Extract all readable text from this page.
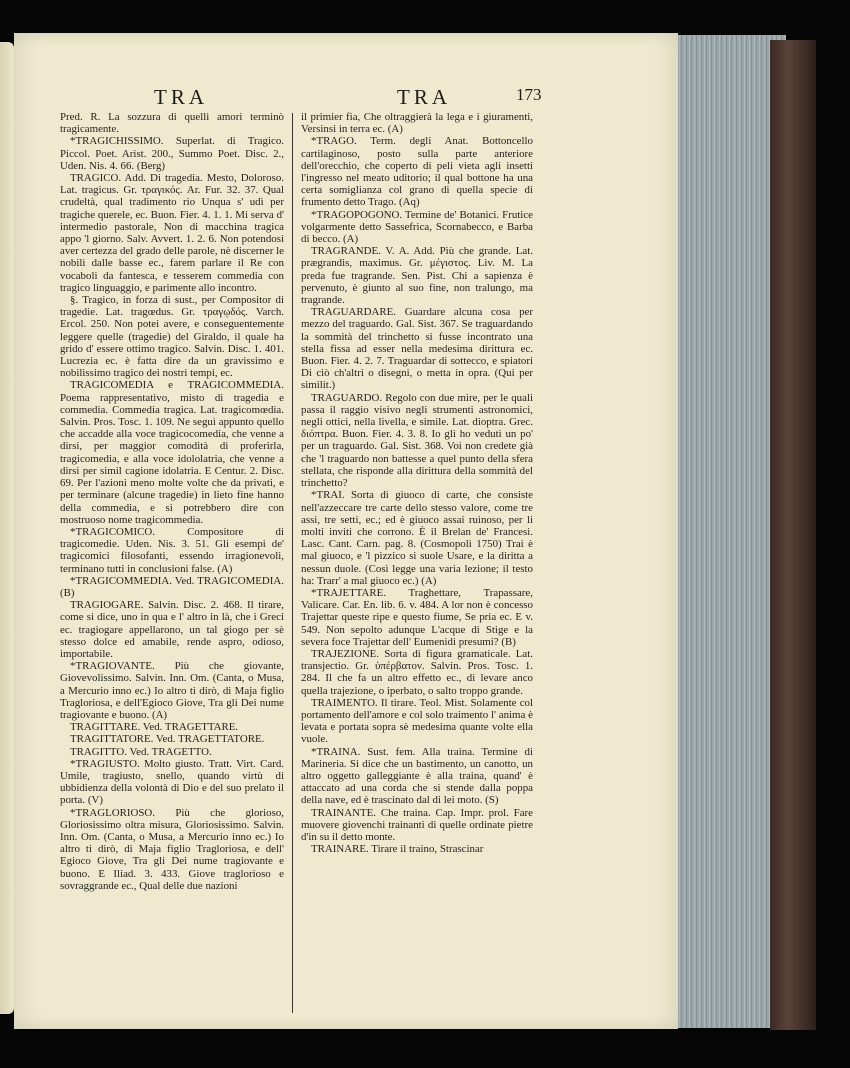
TRA	TRA	173

Pred. R. La sozzura di quelli amori terminò tragicamente.

*TRAGICHISSIMO. Superlat. di Tragico. Piccol. Poet. Arist. 200., Summo Poet. Disc. 2., Uden. Nis. 4. 66. (Berg)

TRAGICO. Add. Di tragedia. Mesto, Doloroso. Lat. tragicus. Gr. τραγικός. Ar. Fur. 32. 37. Qual crudeltà, qual tradimento rio Unqua s' udì per tragiche querele, ec. Buon. Fier. 4. 1. 1. Mi serva d' intermedio pastorale, Non di macchina tragica appo 'l giorno. Salv. Avvert. 1. 2. 6. Non potendosi aver certezza del grado delle parole, nè discerner le nobili dalle basse ec., farem parlare il Re con vocaboli da fantesca, e tesserem commedia con tragico linguaggio, e parimente allo incontro.

§. Tragico, in forza di sust., per Compositor di tragedie. Lat. tragœdus. Gr. τραγῳδός. Varch. Ercol. 250. Non potei avere, e conseguentemente leggere quelle (tragedie) del Giraldo, il quale ha grido d' essere ottimo tragico. Salvin. Disc. 1. 401. Lucrezia ec. è fatta dire da un gravissimo e nobilissimo tragico dei nostri tempi, ec.

TRAGICOMEDIA e TRAGICOMMEDIA. Poema rappresentativo, misto di tragedia e commedia. Commedia tragica. Lat. tragicomœdia. Salvin. Pros. Tosc. 1. 109. Ne seguì appunto quello che accadde alla voce tragicocomedia, che venne a dirsi, per maggior comodità di proferirla, tragicomedia, e alla voce idololatria, che venne a dirsi per simil cagione idolatria. E Centur. 2. Disc. 69. Per l'azioni meno molte volte che da privati, e per terminare (alcune tragedie) in lieto fine hanno della commedia, e si potrebbero dire con mostruoso nome tragicommedia.

*TRAGICOMICO. Compositore di tragicomedie. Uden. Nis. 3. 51. Gli esempi de' tragicomici filosofanti, essendo irragionevoli, terminano tutti in conclusioni false. (A)

*TRAGICOMMEDIA. Ved. TRAGICOMEDIA. (B)

TRAGIOGARE. Salvin. Disc. 2. 468. Il tirare, come si dice, uno in qua e l' altro in là, che i Greci ec. tragiogare appellarono, un tal giogo per sè stesso dolce ed amabile, rende aspro, odioso, importabile.

*TRAGIOVANTE. Più che giovante, Giovevolissimo. Salvin. Inn. Om. (Canta, o Musa, a Mercurio inno ec.) Io altro ti dirò, di Maja figlio Tragloriosa, e dell'Egioco Giove, Tra gli Dei nume tragiovante e buono. (A)

TRAGITTARE. Ved. TRAGETTARE.

TRAGITTATORE. Ved. TRAGETTATORE.

TRAGITTO. Ved. TRAGETTO.

*TRAGIUSTO. Molto giusto. Tratt. Virt. Card. Umile, tragiusto, snello, quando virtù di ubbidienza della volontà di Dio e del suo prelato il porta. (V)

*TRAGLORIOSO. Più che glorioso, Gloriosissimo oltra misura, Gloriosissimo. Salvin. Inn. Om. (Canta, o Musa, a Mercurio inno ec.) Io altro ti dirò, di Maja figlio Tragloriosa, e dell' Egioco Giove, Tra gli Dei nume tragiovante e buono. E Iliad. 3. 433. Giove traglorioso e sovraggrande ec., Qual delle due nazioni

il primier fia, Che oltraggierà la lega e i giuramenti, Versinsi in terra ec. (A)

*TRAGO. Term. degli Anat. Bottoncello cartilaginoso, posto sulla parte anteriore dell'orecchio, che coperto di peli vieta agli insetti l'ingresso nel meato uditorio; il qual bottone ha una certa somiglianza col grano di quella specie di frumento detto Trago. (Aq)

*TRAGOPOGONO. Termine de' Botanici. Frutice volgarmente detto Sassefrica, Scornabecco, e Barba di becco. (A)

TRAGRANDE. V. A. Add. Più che grande. Lat. prægrandis, maximus. Gr. μέγιστος. Liv. M. La preda fue tragrande. Sen. Pist. Chi a sapienza è pervenuto, è giunto al suo fine, non tralungo, ma tragrande.

TRAGUARDARE. Guardare alcuna cosa per mezzo del traguardo. Gal. Sist. 367. Se traguardando la sommità del trinchetto si fusse incontrato una stella fissa ad esser nella medesima dirittura ec. Buon. Fier. 4. 2. 7. Traguardar di sottecco, e spiatori Di ciò ch'altri o disegni, o metta in opra. (Qui per similit.)

TRAGUARDO. Regolo con due mire, per le quali passa il raggio visivo negli strumenti astronomici, negli ottici, nella livella, e simile. Lat. dioptra. Grec. διόπτρα. Buon. Fier. 4. 3. 8. Io gli ho veduti un po' per un traguardo. Gal. Sist. 368. Voi non credete già che 'l traguardo non battesse a quel punto della sfera stellata, che risponde alla dirittura della sommità del trinchetto?

*TRAI. Sorta di giuoco di carte, che consiste nell'azzeccare tre carte dello stesso valore, come tre assi, tre setti, ec.; ed è giuoco assai ruinoso, per li molti inviti che corrono. È il Brelan de' Francesi. Lasc. Cant. Carn. pag. 8. (Cosmopoli 1750) Trai è mal giuoco, e 'l pizzico si suole Usare, e la diritta a nessun duole. (Così legge una varia lezione; il testo ha: Trarr' a mal giuoco ec.) (A)

*TRAJETTARE. Traghettare, Trapassare, Valicare. Car. En. lib. 6. v. 484. A lor non è concesso Trajettar queste ripe e questo fiume, Se pria ec. E v. 549. Non sepolto adunque L'acque di Stige e la severa foce Trajettar dell' Eumenidi presumi? (B)

TRAJEZIONE. Sorta di figura gramaticale. Lat. transjectio. Gr. ὑπέρβατον. Salvin. Pros. Tosc. 1. 284. Il che fa un altro effetto ec., di levare anco quella trajezione, o iperbato, o salto troppo grande.

TRAIMENTO. Il tirare. Teol. Mist. Solamente col portamento dell'amore e col solo traimento l' anima è levata e portata sopra sè medesima quante volte ella vuole.

*TRAINA. Sust. fem. Alla traina. Termine di Marineria. Si dice che un bastimento, un canotto, un altro oggetto galleggiante è alla traina, quand' è attaccato ad una corda che si stende dalla poppa della nave, ed è trascinato dal di lei moto. (S)

TRAINANTE. Che traina. Cap. Impr. prol. Fare muovere giovenchi trainanti di quelle ordinate pietre d'in su il detto monte.

TRAINARE. Tirare il traino, Strascinar
